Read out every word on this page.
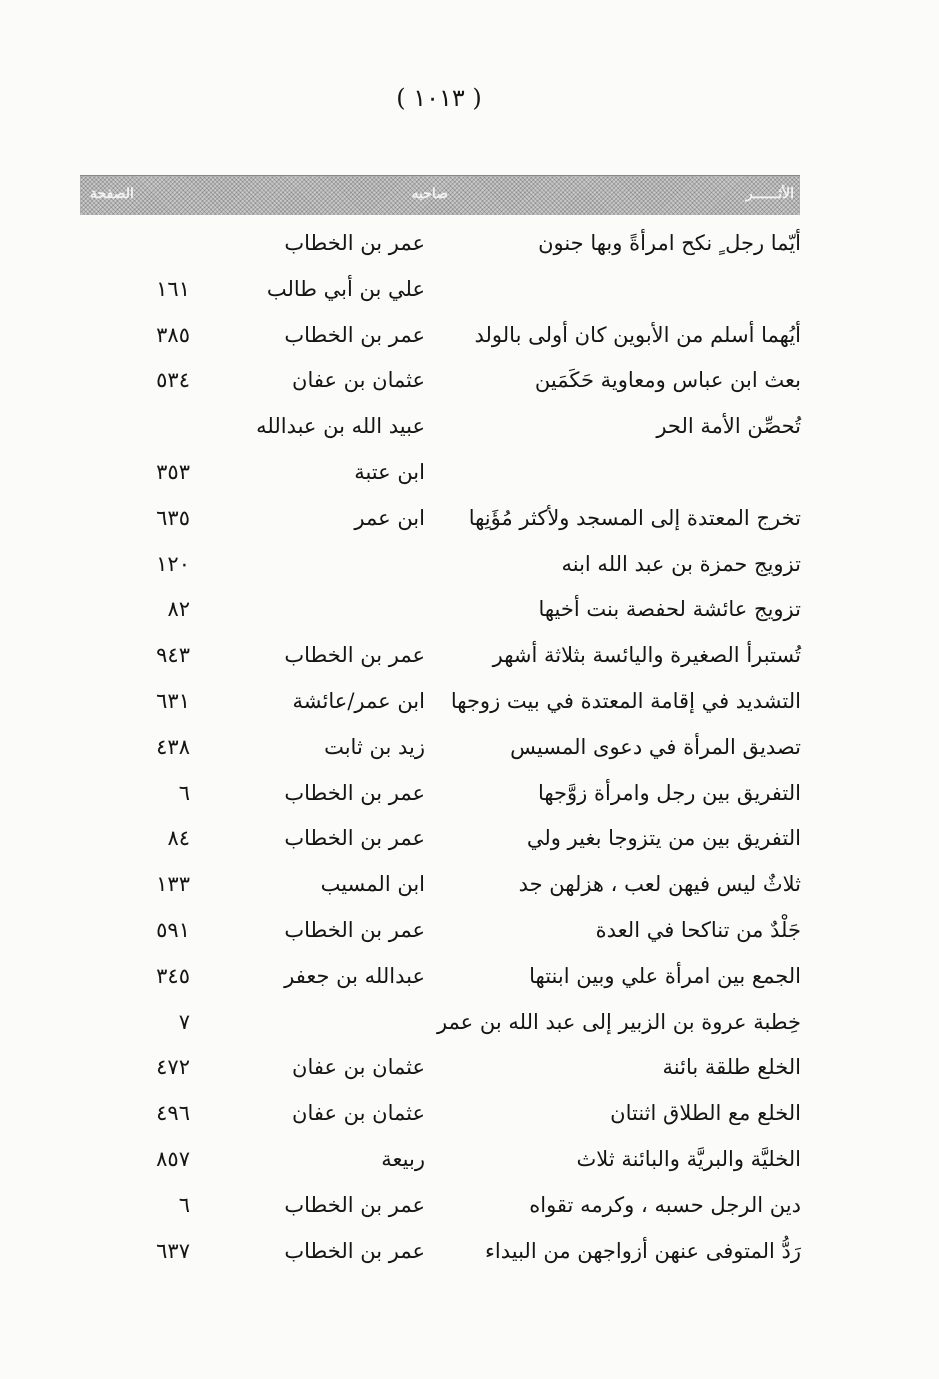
( ١٠١٣ )
الأثــــــر
صاحبه
الصفحة
أيّما رجل ٍ نكح امرأةً وبها جنون
عمر بن الخطاب
علي بن أبي طالب
١٦١
أيُهما أسلم من الأبوين كان أولى بالولد
عمر بن الخطاب
٣٨٥
بعث ابن عباس ومعاوية حَكَمَين
عثمان بن عفان
٥٣٤
تُحصِّن الأمة الحر
عبيد الله بن عبدالله
ابن عتبة
٣٥٣
تخرج المعتدة إلى المسجد ولأكثر مُؤَنِها
ابن عمر
٦٣٥
تزويج حمزة بن عبد الله ابنه
١٢٠
تزويج عائشة لحفصة بنت أخيها
٨٢
تُستبرأ الصغيرة واليائسة بثلاثة أشهر
عمر بن الخطاب
٩٤٣
التشديد في إقامة المعتدة في بيت زوجها
ابن عمر/عائشة
٦٣١
تصديق المرأة في دعوى المسيس
زيد بن ثابت
٤٣٨
التفريق بين رجل وامرأة زوَّجها
عمر بن الخطاب
٦
التفريق بين من يتزوجا بغير ولي
عمر بن الخطاب
٨٤
ثلاثٌ ليس فيهن لعب ، هزلهن جد
ابن المسيب
١٣٣
جَلْدٌ من تناكحا في العدة
عمر بن الخطاب
٥٩١
الجمع بين امرأة علي وبين ابنتها
عبدالله بن جعفر
٣٤٥
خِطبة عروة بن الزبير إلى عبد الله بن عمر
٧
الخلع طلقة بائنة
عثمان بن عفان
٤٧٢
الخلع مع الطلاق اثنتان
عثمان بن عفان
٤٩٦
الخليَّة والبريَّة والبائنة ثلاث
ربيعة
٨٥٧
دين الرجل حسبه ، وكرمه تقواه
عمر بن الخطاب
٦
رَدُّ المتوفى عنهن أزواجهن من البيداء
عمر بن الخطاب
٦٣٧
